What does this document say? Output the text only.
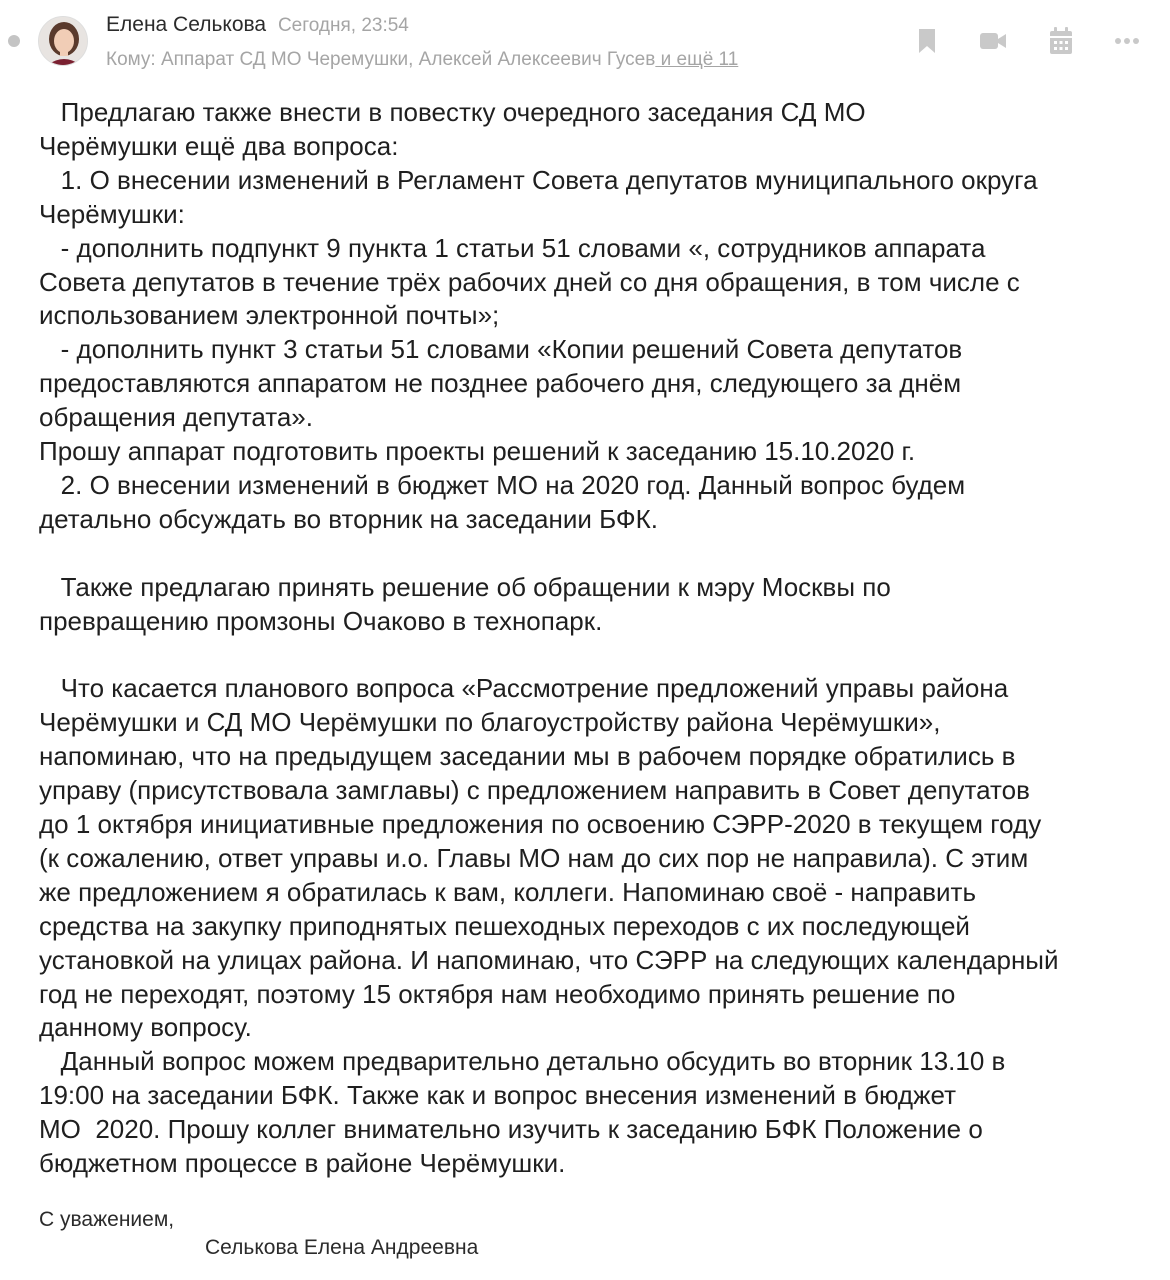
Елена Селькова Сегодня, 23:54
Кому: Аппарат СД МО Черемушки, Алексей Алексеевич Гусев и ещё 11

Предлагаю также внести в повестку очередного заседания СД МО
Черёмушки ещё два вопроса:

1. О внесении изменений в Регламент Совета депутатов муниципального округа
Черёмушки:

- дополнить подпункт 9 пункта 1 статьи 51 словами «, сотрудников аппарата
Совета депутатов в течение трёх рабочих дней со дня обращения, в том числе с
использованием электронной почты»;

- дополнить пункт 3 статьи 51 словами «Копии решений Совета депутатов
предоставляются аппаратом не позднее рабочего дня, следующего за днём
обращения депутата».

Прошу аппарат подготовить проекты решений к заседанию 15.10.2020 г.

2. О внесении изменений в бюджет МО на 2020 год. Данный вопрос будем
детально обсуждать во вторник на заседании БФК.

Также предлагаю принять решение об обращении к мэру Москвы по
превращению промзоны Очаково в технопарк.

Что касается планового вопроса «Рассмотрение предложений управы района
Черёмушки и СД МО Черёмушки по благоустройству района Черёмушки»,
напоминаю, что на предыдущем заседании мы в рабочем порядке обратились в
управу (присутствовала замглавы) с предложением направить в Совет депутатов
до 1 октября инициативные предложения по освоению СЭРР-2020 в текущем году
(к сожалению, ответ управы и.о. Главы МО нам до сих пор не направила). С этим
же предложением я обратилась к вам, коллеги. Напоминаю своё - направить
средства на закупку приподнятых пешеходных переходов с их последующей
установкой на улицах района. И напоминаю, что СЭРР на следующих календарный
год не переходят, поэтому 15 октября нам необходимо принять решение по
данному вопросу.

Данный вопрос можем предварительно детально обсудить во вторник 13.10 в
19:00 на заседании БФК. Также как и вопрос внесения изменений в бюджет
МО  2020. Прошу коллег внимательно изучить к заседанию БФК Положение о
бюджетном процессе в районе Черёмушки.

С уважением,
Селькова Елена Андреевна
